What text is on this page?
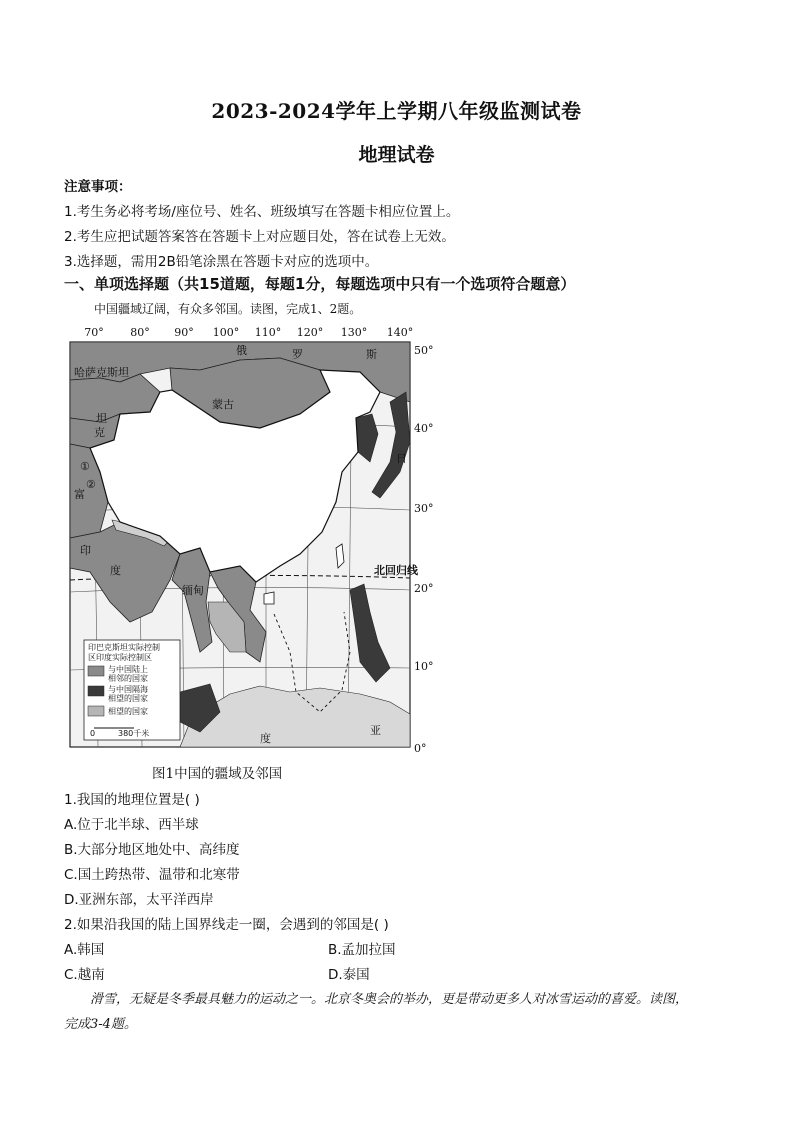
2023-2024学年上学期八年级监测试卷
地理试卷
注意事项：
1.考生务必将考场/座位号、姓名、班级填写在答题卡相应位置上。
2.考生应把试题答案答在答题卡上对应题目处，答在试卷上无效。
3.选择题，需用2B铅笔涂黑在答题卡对应的选项中。
一、单项选择题（共15道题，每题1分，每题选项中只有一个选项符合题意）
中国疆域辽阔，有众多邻国。读图，完成1、2题。
70° 80° 90° 100° 110° 120° 130° 140°
50°
40°
30°
20°
10°
0°
哈萨克斯坦
俄	罗	斯
蒙古
印
度
缅甸
日
北回归线
度
亚
①
②
坦
克
富
印巴克斯坦实际控制
区印度实际控制区
与中国陆上
相邻的国家
与中国隔海
相望的国家
相望的国家
0	380千米
图1中国的疆域及邻国
1.我国的地理位置是( )
A.位于北半球、西半球
B.大部分地区地处中、高纬度
C.国土跨热带、温带和北寒带
D.亚洲东部，太平洋西岸
2.如果沿我国的陆上国界线走一圈，会遇到的邻国是( )
A.韩国	B.孟加拉国
C.越南	D.泰国
滑雪，无疑是冬季最具魅力的运动之一。北京冬奥会的举办，更是带动更多人对冰雪运动的喜爱。读图，
完成3-4题。
